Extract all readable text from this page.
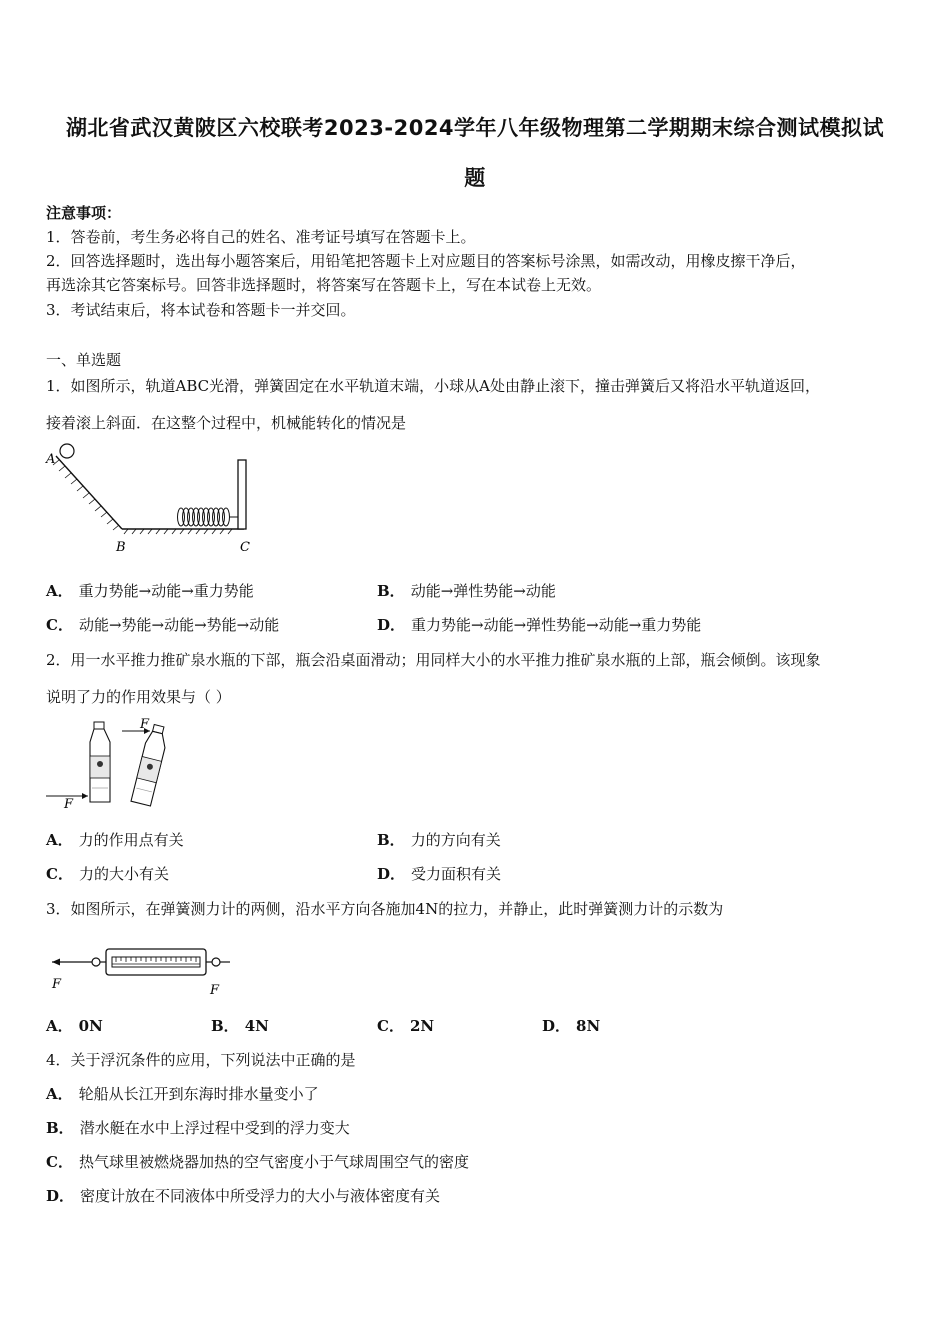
湖北省武汉黄陂区六校联考2023-2024学年八年级物理第二学期期末综合测试模拟试
题
注意事项：
1．答卷前，考生务必将自己的姓名、准考证号填写在答题卡上。
2．回答选择题时，选出每小题答案后，用铅笔把答题卡上对应题目的答案标号涂黑，如需改动，用橡皮擦干净后，
再选涂其它答案标号。回答非选择题时，将答案写在答题卡上，写在本试卷上无效。
3．考试结束后，将本试卷和答题卡一并交回。
一、单选题
1．如图所示，轨道ABC光滑，弹簧固定在水平轨道末端，小球从A处由静止滚下，撞击弹簧后又将沿水平轨道返回，
接着滚上斜面．在这整个过程中，机械能转化的情况是
A
B	C
A． 重力势能→动能→重力势能	B． 动能→弹性势能→动能
C． 动能→势能→动能→势能→动能	D． 重力势能→动能→弹性势能→动能→重力势能
2．用一水平推力推矿泉水瓶的下部，瓶会沿桌面滑动；用同样大小的水平推力推矿泉水瓶的上部，瓶会倾倒。该现象
说明了力的作用效果与（ ）
F
F
A． 力的作用点有关	B． 力的方向有关
C． 力的大小有关	D． 受力面积有关
3．如图所示，在弹簧测力计的两侧，沿水平方向各施加4N的拉力，并静止，此时弹簧测力计的示数为
F	F
A． 0N	B． 4N	C． 2N	D． 8N
4．关于浮沉条件的应用，下列说法中正确的是
A． 轮船从长江开到东海时排水量变小了
B． 潜水艇在水中上浮过程中受到的浮力变大
C． 热气球里被燃烧器加热的空气密度小于气球周围空气的密度
D． 密度计放在不同液体中所受浮力的大小与液体密度有关
